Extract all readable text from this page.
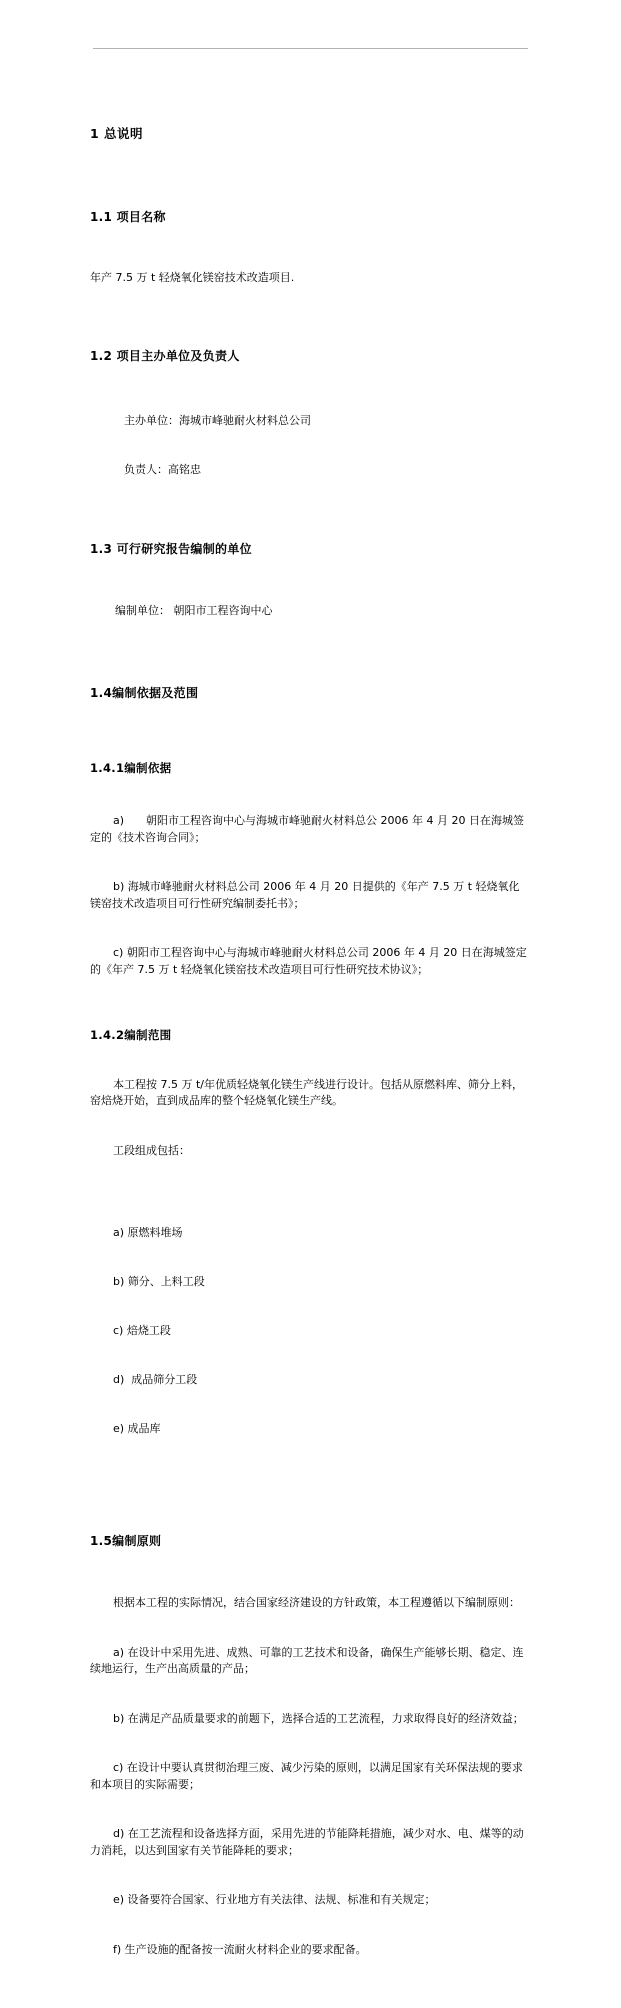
1 总说明

1.1 项目名称

年产 7.5 万 t 轻烧氧化镁窑技术改造项目.

1.2 项目主办单位及负责人

主办单位：海城市峰驰耐火材料总公司

负责人：高铭忠

1.3 可行研究报告编制的单位

编制单位： 朝阳市工程咨询中心

1.4编制依据及范围

1.4.1编制依据

a)　　朝阳市工程咨询中心与海城市峰驰耐火材料总公 2006 年 4 月 20 日在海城签定的《技术咨询合同》；

b) 海城市峰驰耐火材料总公司 2006 年 4 月 20 日提供的《年产 7.5 万 t 轻烧氧化镁窑技术改造项目可行性研究编制委托书》；

c) 朝阳市工程咨询中心与海城市峰驰耐火材料总公司 2006 年 4 月 20 日在海城签定的《年产 7.5 万 t 轻烧氧化镁窑技术改造项目可行性研究技术协议》；

1.4.2编制范围

本工程按 7.5 万 t/年优质轻烧氧化镁生产线进行设计。包括从原燃料库、筛分上料，窑焙烧开始，直到成品库的整个轻烧氧化镁生产线。

工段组成包括：

a) 原燃料堆场

b) 筛分、上料工段

c) 焙烧工段

d)  成品筛分工段

e) 成品库

1.5编制原则

根据本工程的实际情况，结合国家经济建设的方针政策，本工程遵循以下编制原则：

a) 在设计中采用先进、成熟、可靠的工艺技术和设备，确保生产能够长期、稳定、连续地运行，生产出高质量的产品；

b) 在满足产品质量要求的前题下，选择合适的工艺流程，力求取得良好的经济效益；

c) 在设计中要认真贯彻治理三废、减少污染的原则，以满足国家有关环保法规的要求和本项目的实际需要；

d) 在工艺流程和设备选择方面，采用先进的节能降耗措施，减少对水、电、煤等的动力消耗，以达到国家有关节能降耗的要求；

e) 设备要符合国家、行业地方有关法律、法规、标准和有关规定；

f) 生产设施的配备按一流耐火材料企业的要求配备。
